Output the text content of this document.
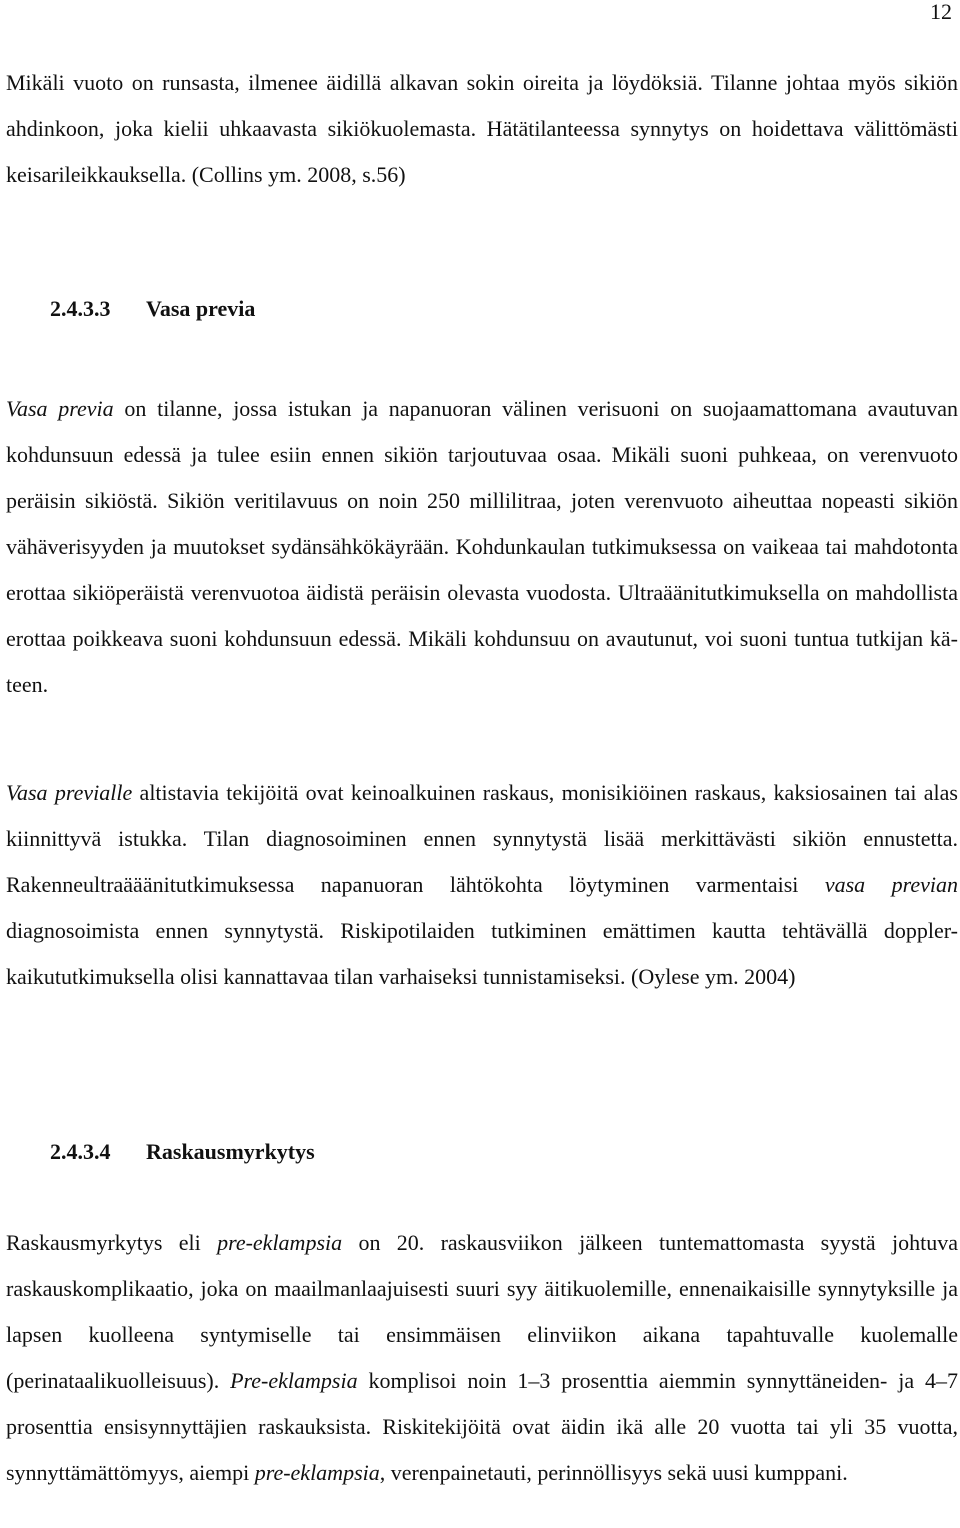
12

Mikäli vuoto on runsasta, ilmenee äidillä alkavan sokin oireita ja löydöksiä. Tilanne johtaa myös sikiön ahdinkoon, joka kielii uhkaavasta sikiökuolemasta. Hätätilanteessa synnytys on hoidettava välittömästi keisarileikkauksella. (Collins ym. 2008, s.56)

2.4.3.3 Vasa previa

Vasa previa on tilanne, jossa istukan ja napanuoran välinen verisuoni on suojaamattomana avautuvan kohdunsuun edessä ja tulee esiin ennen sikiön tarjoutuvaa osaa. Mikäli suoni puhkeaa, on verenvuoto peräisin sikiöstä. Sikiön veritilavuus on noin 250 millilitraa, joten verenvuoto aiheuttaa nopeasti sikiön vähäverisyyden ja muutokset sydänsähkökäyrään. Kohdunkaulan tutkimuksessa on vaikeaa tai mahdotonta erottaa sikiöperäistä verenvuotoa äidistä peräisin olevasta vuodosta. Ultraäänitutkimuksella on mahdollista erottaa poikkeava suoni kohdunsuun edessä. Mikäli kohdunsuu on avautunut, voi suoni tuntua tutkijan käteen.

Vasa previalle altistavia tekijöitä ovat keinoalkuinen raskaus, monisikiöinen raskaus, kaksiosainen tai alas kiinnittyvä istukka. Tilan diagnosoiminen ennen synnytystä lisää merkittävästi sikiön ennustetta. Rakenneultraääänitutkimuksessa napanuoran lähtökohta löytyminen varmentaisi vasa previan diagnosoimista ennen synnytystä. Riskipotilaiden tutkiminen emättimen kautta tehtävällä doppler-kaikututkimuksella olisi kannattavaa tilan varhaiseksi tunnistamiseksi. (Oylese ym. 2004)

2.4.3.4 Raskausmyrkytys

Raskausmyrkytys eli pre-eklampsia on 20. raskausviikon jälkeen tuntemattomasta syystä johtuva raskauskomplikaatio, joka on maailmanlaajuisesti suuri syy äitikuolemille, ennenaikaisille synnytyksille ja lapsen kuolleena syntymiselle tai ensimmäisen elinviikon aikana tapahtuvalle kuolemalle (perinataalikuolleisuus). Pre-eklampsia komplisoi noin 1–3 prosenttia aiemmin synnyttäneiden- ja 4–7 prosenttia ensisynnyttäjien raskauksista. Riskitekijöitä ovat äidin ikä alle 20 vuotta tai yli 35 vuotta, synnyttämättömyys, aiempi pre-eklampsia, verenpainetauti, perinnöllisyys sekä uusi kumppani.
